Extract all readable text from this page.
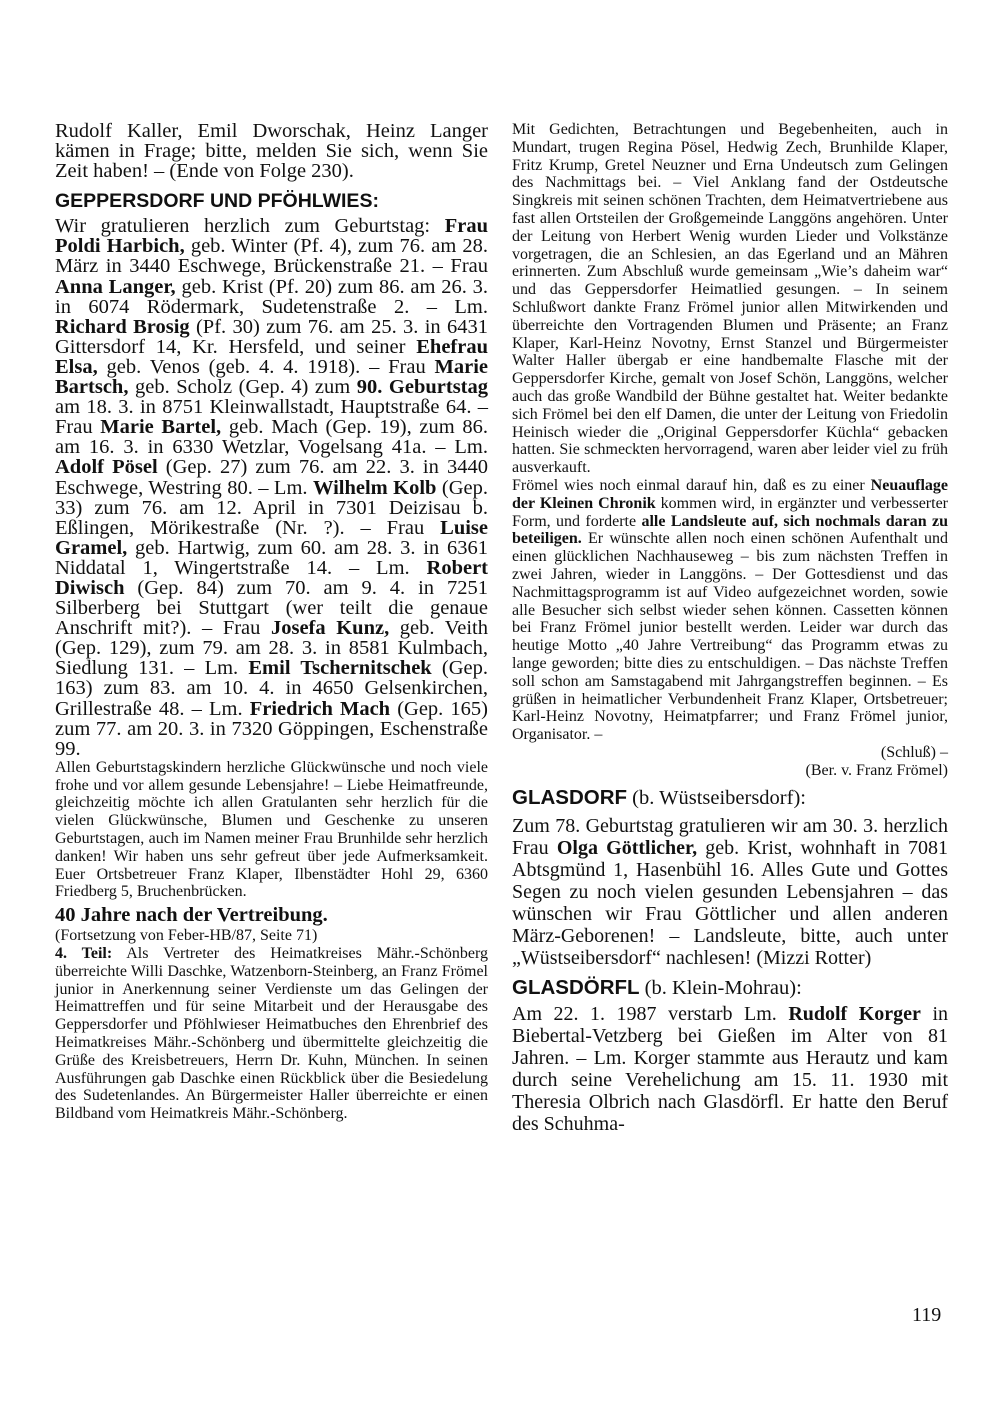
Rudolf Kaller, Emil Dworschak, Heinz Langer kämen in Frage; bitte, melden Sie sich, wenn Sie Zeit haben! – (Ende von Folge 230).

GEPPERSDORF UND PFÖHLWIES:

Wir gratulieren herzlich zum Geburtstag: Frau Poldi Harbich, geb. Winter (Pf. 4), zum 76. am 28. März in 3440 Eschwege, Brückenstraße 21. – Frau Anna Langer, geb. Krist (Pf. 20) zum 86. am 26. 3. in 6074 Rödermark, Sudetenstraße 2. – Lm. Richard Brosig (Pf. 30) zum 76. am 25. 3. in 6431 Gittersdorf 14, Kr. Hersfeld, und seiner Ehefrau Elsa, geb. Venos (geb. 4. 4. 1918). – Frau Marie Bartsch, geb. Scholz (Gep. 4) zum 90. Geburtstag am 18. 3. in 8751 Kleinwallstadt, Hauptstraße 64. – Frau Marie Bartel, geb. Mach (Gep. 19), zum 86. am 16. 3. in 6330 Wetzlar, Vogelsang 41a. – Lm. Adolf Pösel (Gep. 27) zum 76. am 22. 3. in 3440 Eschwege, Westring 80. – Lm. Wilhelm Kolb (Gep. 33) zum 76. am 12. April in 7301 Deizisau b. Eßlingen, Mörikestraße (Nr. ?). – Frau Luise Gramel, geb. Hartwig, zum 60. am 28. 3. in 6361 Niddatal 1, Wingertstraße 14. – Lm. Robert Diwisch (Gep. 84) zum 70. am 9. 4. in 7251 Silberberg bei Stuttgart (wer teilt die genaue Anschrift mit?). – Frau Josefa Kunz, geb. Veith (Gep. 129), zum 79. am 28. 3. in 8581 Kulmbach, Siedlung 131. – Lm. Emil Tschernitschek (Gep. 163) zum 83. am 10. 4. in 4650 Gelsenkirchen, Grillestraße 48. – Lm. Friedrich Mach (Gep. 165) zum 77. am 20. 3. in 7320 Göppingen, Eschenstraße 99.

Allen Geburtstagskindern herzliche Glückwünsche und noch viele frohe und vor allem gesunde Lebensjahre! – Liebe Heimatfreunde, gleichzeitig möchte ich allen Gratulanten sehr herzlich für die vielen Glückwünsche, Blumen und Geschenke zu unseren Geburtstagen, auch im Namen meiner Frau Brunhilde sehr herzlich danken! Wir haben uns sehr gefreut über jede Aufmerksamkeit. Euer Ortsbetreuer Franz Klaper, Ilbenstädter Hohl 29, 6360 Friedberg 5, Bruchenbrücken.

40 Jahre nach der Vertreibung.

(Fortsetzung von Feber-HB/87, Seite 71)

4. Teil: Als Vertreter des Heimatkreises Mähr.-Schönberg überreichte Willi Daschke, Watzenborn-Steinberg, an Franz Frömel junior in Anerkennung seiner Verdienste um das Gelingen der Heimattreffen und für seine Mitarbeit und der Herausgabe des Geppersdorfer und Pföhlwieser Heimatbuches den Ehrenbrief des Heimatkreises Mähr.-Schönberg und übermittelte gleichzeitig die Grüße des Kreisbetreuers, Herrn Dr. Kuhn, München. In seinen Ausführungen gab Daschke einen Rückblick über die Besiedelung des Sudetenlandes. An Bürgermeister Haller überreichte er einen Bildband vom Heimatkreis Mähr.-Schönberg.

Mit Gedichten, Betrachtungen und Begebenheiten, auch in Mundart, trugen Regina Pösel, Hedwig Zech, Brunhilde Klaper, Fritz Krump, Gretel Neuzner und Erna Undeutsch zum Gelingen des Nachmittags bei. – Viel Anklang fand der Ostdeutsche Singkreis mit seinen schönen Trachten, dem Heimatvertriebene aus fast allen Ortsteilen der Großgemeinde Langgöns angehören. Unter der Leitung von Herbert Wenig wurden Lieder und Volkstänze vorgetragen, die an Schlesien, an das Egerland und an Mähren erinnerten. Zum Abschluß wurde gemeinsam „Wie’s daheim war“ und das Geppersdorfer Heimatlied gesungen. – In seinem Schlußwort dankte Franz Frömel junior allen Mitwirkenden und überreichte den Vortragenden Blumen und Präsente; an Franz Klaper, Karl-Heinz Novotny, Ernst Stanzel und Bürgermeister Walter Haller übergab er eine handbemalte Flasche mit der Geppersdorfer Kirche, gemalt von Josef Schön, Langgöns, welcher auch das große Wandbild der Bühne gestaltet hat. Weiter bedankte sich Frömel bei den elf Damen, die unter der Leitung von Friedolin Heinisch wieder die „Original Geppersdorfer Küchla“ gebacken hatten. Sie schmeckten hervorragend, waren aber leider viel zu früh ausverkauft.

Frömel wies noch einmal darauf hin, daß es zu einer Neuauflage der Kleinen Chronik kommen wird, in ergänzter und verbesserter Form, und forderte alle Landsleute auf, sich nochmals daran zu beteiligen. Er wünschte allen noch einen schönen Aufenthalt und einen glücklichen Nachhauseweg – bis zum nächsten Treffen in zwei Jahren, wieder in Langgöns. – Der Gottesdienst und das Nachmittagsprogramm ist auf Video aufgezeichnet worden, sowie alle Besucher sich selbst wieder sehen können. Cassetten können bei Franz Frömel junior bestellt werden. Leider war durch das heutige Motto „40 Jahre Vertreibung“ das Programm etwas zu lange geworden; bitte dies zu entschuldigen. – Das nächste Treffen soll schon am Samstagabend mit Jahrgangstreffen beginnen. – Es grüßen in heimatlicher Verbundenheit Franz Klaper, Ortsbetreuer; Karl-Heinz Novotny, Heimatpfarrer; und Franz Frömel junior, Organisator. –

(Schluß) –

(Ber. v. Franz Frömel)

GLASDORF (b. Wüstseibersdorf):

Zum 78. Geburtstag gratulieren wir am 30. 3. herzlich Frau Olga Göttlicher, geb. Krist, wohnhaft in 7081 Abtsgmünd 1, Hasenbühl 16. Alles Gute und Gottes Segen zu noch vielen gesunden Lebensjahren – das wünschen wir Frau Göttlicher und allen anderen März-Geborenen! – Landsleute, bitte, auch unter „Wüstseibersdorf“ nachlesen! (Mizzi Rotter)

GLASDÖRFL (b. Klein-Mohrau):

Am 22. 1. 1987 verstarb Lm. Rudolf Korger in Biebertal-Vetzberg bei Gießen im Alter von 81 Jahren. – Lm. Korger stammte aus Herautz und kam durch seine Verehelichung am 15. 11. 1930 mit Theresia Olbrich nach Glasdörfl. Er hatte den Beruf des Schuhma-

119
